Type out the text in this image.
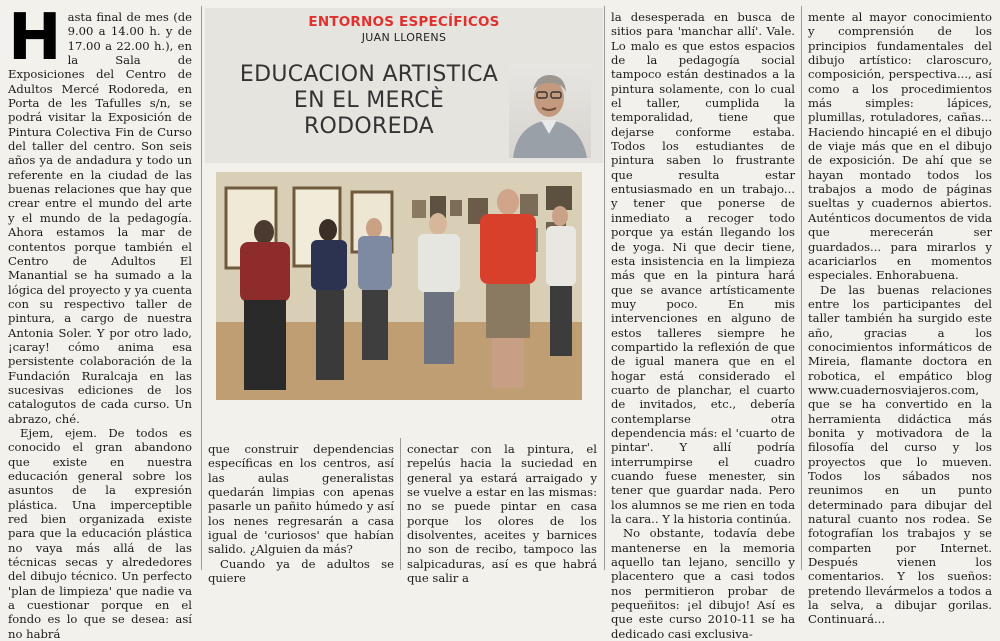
ENTORNOS ESPECÍFICOS
JUAN LLORENS
EDUCACION ARTISTICA
EN EL MERCÈ
RODOREDA

Hasta final de mes (de 9.00 a 14.00 h. y de 17.00 a 22.00 h.), en la Sala de Exposiciones del Centro de Adultos Mercé Rodoreda, en Porta de les Tafulles s/n, se podrá visitar la Exposición de Pintura Colectiva Fin de Curso del taller del centro. Son seis años ya de andadura y todo un referente en la ciudad de las buenas relaciones que hay que crear entre el mundo del arte y el mundo de la pedagogía. Ahora estamos la mar de contentos porque también el Centro de Adultos El Manantial se ha sumado a la lógica del proyecto y ya cuenta con su respectivo taller de pintura, a cargo de nuestra Antonia Soler. Y por otro lado, ¡caray! cómo anima esa persistente colaboración de la Fundación Ruralcaja en las sucesivas ediciones de los catalogutos de cada curso. Un abrazo, ché.

Ejem, ejem. De todos es conocido el gran abandono que existe en nuestra educación general sobre los asuntos de la expresión plástica. Una imperceptible red bien organizada existe para que la educación plástica no vaya más allá de las técnicas secas y alrededores del dibujo técnico. Un perfecto 'plan de limpieza' que nadie va a cuestionar porque en el fondo es lo que se desea: así no habrá

que construir dependencias específicas en los centros, así las aulas generalistas quedarán limpias con apenas pasarle un pañito húmedo y así los nenes regresarán a casa igual de 'curiosos' que habían salido. ¿Alguien da más?

Cuando ya de adultos se quiere

conectar con la pintura, el repelús hacia la suciedad en general ya estará arraigado y se vuelve a estar en las mismas: no se puede pintar en casa porque los olores de los disolventes, aceites y barnices no son de recibo, tampoco las salpicaduras, así es que habrá que salir a

la desesperada en busca de sitios para 'manchar allí'. Vale. Lo malo es que estos espacios de la pedagogía social tampoco están destinados a la pintura solamente, con lo cual el taller, cumplida la temporalidad, tiene que dejarse conforme estaba. Todos los estudiantes de pintura saben lo frustrante que resulta estar entusiasmado en un trabajo... y tener que ponerse de inmediato a recoger todo porque ya están llegando los de yoga. Ni que decir tiene, esta insistencia en la limpieza más que en la pintura hará que se avance artísticamente muy poco. En mis intervenciones en alguno de estos talleres siempre he compartido la reflexión de que de igual manera que en el hogar está considerado el cuarto de planchar, el cuarto de invitados, etc., debería contemplarse otra dependencia más: el 'cuarto de pintar'. Y allí podría interrumpirse el cuadro cuando fuese menester, sin tener que guardar nada. Pero los alumnos se me rien en toda la cara.. Y la historia continúa.

No obstante, todavía debe mantenerse en la memoria aquello tan lejano, sencillo y placentero que a casi todos nos permitieron probar de pequeñitos: ¡el dibujo! Así es que este curso 2010-11 se ha dedicado casi exclusiva-

mente al mayor conocimiento y comprensión de los principios fundamentales del dibujo artístico: claroscuro, composición, perspectiva..., así como a los procedimientos más simples: lápices, plumillas, rotuladores, cañas... Haciendo hincapié en el dibujo de viaje más que en el dibujo de exposición. De ahí que se hayan montado todos los trabajos a modo de páginas sueltas y cuadernos abiertos. Auténticos documentos de vida que merecerán ser guardados... para mirarlos y acariciarlos en momentos especiales. Enhorabuena.

De las buenas relaciones entre los participantes del taller también ha surgido este año, gracias a los conocimientos informáticos de Mireia, flamante doctora en robotica, el empático blog www.cuadernosviajeros.com, que se ha convertido en la herramienta didáctica más bonita y motivadora de la filosofía del curso y los proyectos que lo mueven. Todos los sábados nos reunimos en un punto determinado para dibujar del natural cuanto nos rodea. Se fotografían los trabajos y se comparten por Internet. Después vienen los comentarios. Y los sueños: pretendo llevármelos a todos a la selva, a dibujar gorilas. Continuará...
